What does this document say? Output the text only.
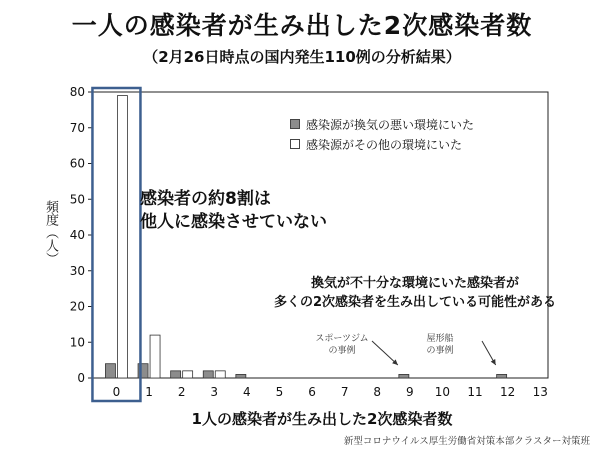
一人の感染者が生み出した2次感染者数
（2月26日時点の国内発生110例の分析結果）
頻度（人）
0
10
20
30
40
50
60
70
80
0 1 2 3 4 5 6 7 8 9 10 11 12 13
感染源が換気の悪い環境にいた
感染源がその他の環境にいた
感染者の約8割は
他人に感染させていない
換気が不十分な環境にいた感染者が
多くの2次感染者を生み出している可能性がある
スポーツジム
の事例
屋形船
の事例
1人の感染者が生み出した2次感染者数
新型コロナウイルス厚生労働省対策本部クラスター対策班
